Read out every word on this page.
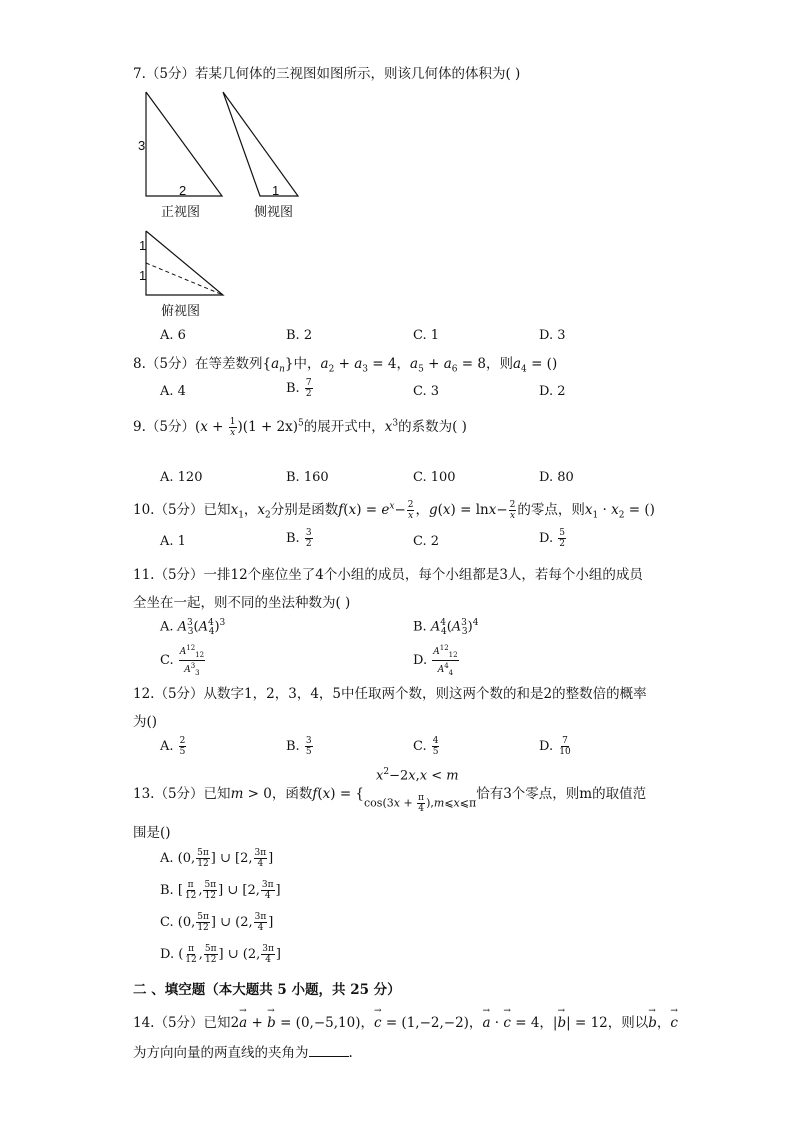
7.（5分）若某几何体的三视图如图所示，则该几何体的体积为( )
3
2	1
正视图	侧视图
1
1
俯视图
A. 6	B. 2	C. 1	D. 3
8.（5分）在等差数列$\{a_n\}$中，$a_2 + a_3 = 4$，$a_5 + a_6 = 8$，则$a_4$ = ()
A. 4	B. $\frac{7}{2}$	C. 3	D. 2
9.（5分）$(x + \frac{1}{x} )(1 + 2x)^5$的展开式中，$x^3$的系数为( )
A. 120	B. 160	C. 100	D. 80
10.（5分）已知$x_1$，$x_2$分别是函数$f(x) = e^x- \frac{2}{x}$ ，$g(x) = \ln x- \frac{2}{x}$ 的零点，则$x_1 \cdot x_2$ = ()
A. 1	B. $\frac{3}{2}$	C. 2	D. $\frac{5}{2}$
11.（5分）一排12个座位坐了4个小组的成员，每个小组都是3人，若每个小组的成员
全坐在一起，则不同的坐法种数为( )
A. $A^3_3(A^4_4)^3$	B. $A^4_4(A^3_3)^4$
C. $\frac{A^{12}_{12}}{A^3_3}$	D. $\frac{A^{12}_{12}}{A^4_4}$
12.（5分）从数字1，2，3，4，5中任取两个数，则这两个数的和是2的整数倍的概率
为()
A. $\frac{2}{5}$	B. $\frac{3}{5}$	C. $\frac{4}{5}$	D. $\frac{7}{10}$
$x^2-2x,x < m$
13.（5分）已知m > 0，函数$f(x) = \{\cos(3x + \frac{\pi}{4}$ ),m⩽x⩽π恰有3个零点，则m的取值范
围是()
A. (0, $\frac{5\pi}{12}$ ] ∪ [2, $\frac{3\pi}{4}$ ]
B. [ $\frac{\pi}{12}$ , $\frac{5\pi}{12}$ ] ∪ [2, $\frac{3\pi}{4}$ ]
C. (0, $\frac{5\pi}{12}$ ] ∪ (2, $\frac{3\pi}{4}$ ]
D. ( $\frac{\pi}{12}$ , $\frac{5\pi}{12}$ ] ∪ (2, $\frac{3\pi}{4}$ ]
二 、填空题（本大题共 5 小题，共 25 分）
14.（5分）已知2→ a + → b = (0,−5,10)，→ c = (1,−2,−2)，→ a · → c = 4，|→ b| = 12，则以→ b，→ c
为方向向量的两直线的夹角为	.
